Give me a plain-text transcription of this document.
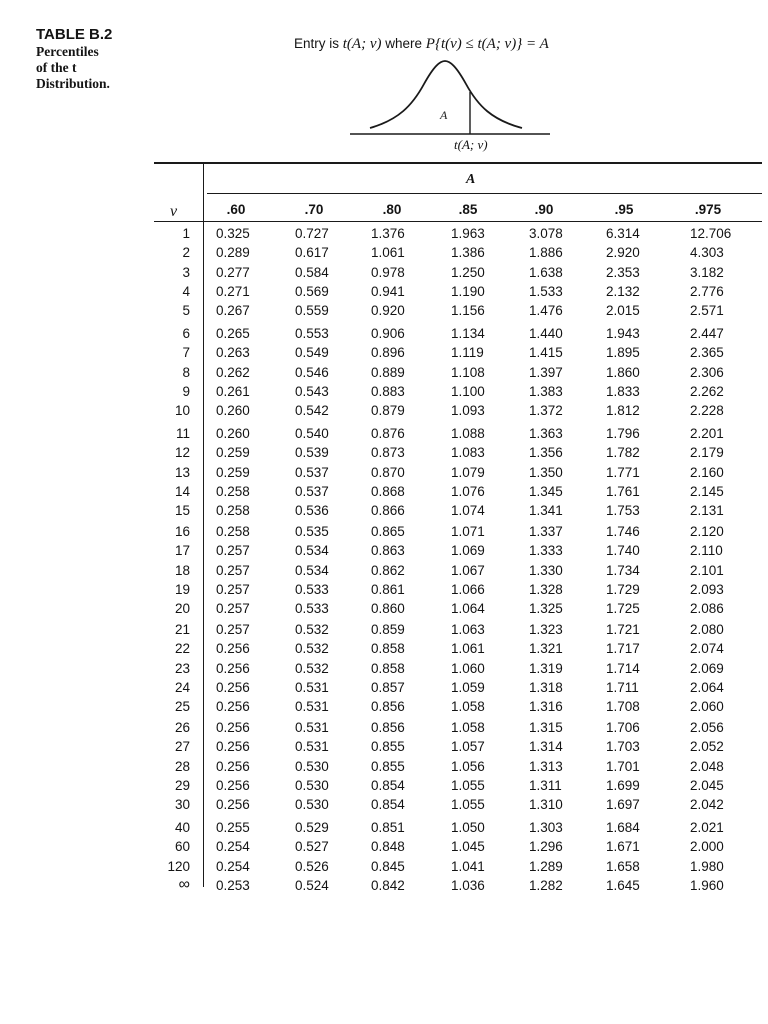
TABLE B.2
Percentiles
of the t
Distribution.
Entry is t(A; ν) where P{t(ν) ≤ t(A; ν)} = A
A
t(A; ν)
A
ν	.60	.70	.80	.85	.90	.95	.975
1 0.325	0.727	1.376	1.963	3.078	6.314	12.706
2 0.289	0.617	1.061	1.386	1.886	2.920	4.303
3 0.277	0.584	0.978	1.250	1.638	2.353	3.182
4 0.271	0.569	0.941	1.190	1.533	2.132	2.776
5 0.267	0.559	0.920	1.156	1.476	2.015	2.571
6 0.265	0.553	0.906	1.134	1.440	1.943	2.447
7 0.263	0.549	0.896	1.119	1.415	1.895	2.365
8 0.262	0.546	0.889	1.108	1.397	1.860	2.306
9 0.261	0.543	0.883	1.100	1.383	1.833	2.262
10 0.260	0.542	0.879	1.093	1.372	1.812	2.228
11 0.260	0.540	0.876	1.088	1.363	1.796	2.201
12 0.259	0.539	0.873	1.083	1.356	1.782	2.179
13 0.259	0.537	0.870	1.079	1.350	1.771	2.160
14 0.258	0.537	0.868	1.076	1.345	1.761	2.145
15 0.258	0.536	0.866	1.074	1.341	1.753	2.131
16 0.258	0.535	0.865	1.071	1.337	1.746	2.120
17 0.257	0.534	0.863	1.069	1.333	1.740	2.110
18 0.257	0.534	0.862	1.067	1.330	1.734	2.101
19 0.257	0.533	0.861	1.066	1.328	1.729	2.093
20 0.257	0.533	0.860	1.064	1.325	1.725	2.086
21 0.257	0.532	0.859	1.063	1.323	1.721	2.080
22 0.256	0.532	0.858	1.061	1.321	1.717	2.074
23 0.256	0.532	0.858	1.060	1.319	1.714	2.069
24 0.256	0.531	0.857	1.059	1.318	1.711	2.064
25 0.256	0.531	0.856	1.058	1.316	1.708	2.060
26 0.256	0.531	0.856	1.058	1.315	1.706	2.056
27 0.256	0.531	0.855	1.057	1.314	1.703	2.052
28 0.256	0.530	0.855	1.056	1.313	1.701	2.048
29 0.256	0.530	0.854	1.055	1.311	1.699	2.045
30 0.256	0.530	0.854	1.055	1.310	1.697	2.042
40 0.255	0.529	0.851	1.050	1.303	1.684	2.021
60 0.254	0.527	0.848	1.045	1.296	1.671	2.000
120 0.254	0.526	0.845	1.041	1.289	1.658	1.980
∞ 0.253	0.524	0.842	1.036	1.282	1.645	1.960
